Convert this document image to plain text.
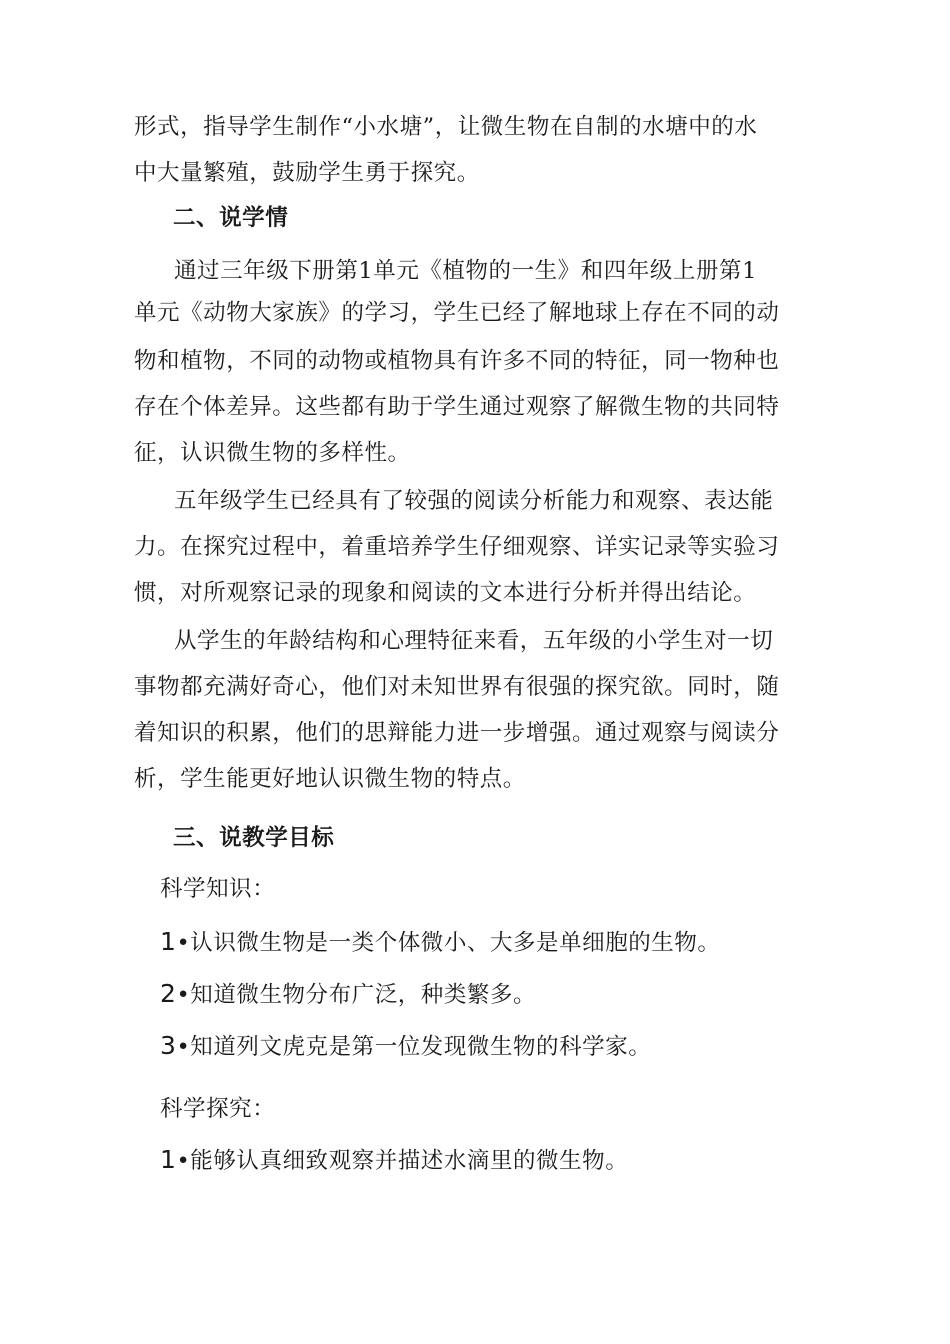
形式，指导学生制作“小水塘”，让微生物在自制的水塘中的水
中大量繁殖，鼓励学生勇于探究。
二、说学情
通过三年级下册第1单元《植物的一生》和四年级上册第1
单元《动物大家族》的学习，学生已经了解地球上存在不同的动
物和植物，不同的动物或植物具有许多不同的特征，同一物种也
存在个体差异。这些都有助于学生通过观察了解微生物的共同特
征，认识微生物的多样性。
五年级学生已经具有了较强的阅读分析能力和观察、表达能
力。在探究过程中，着重培养学生仔细观察、详实记录等实验习
惯，对所观察记录的现象和阅读的文本进行分析并得出结论。
从学生的年龄结构和心理特征来看，五年级的小学生对一切
事物都充满好奇心，他们对未知世界有很强的探究欲。同时，随
着知识的积累，他们的思辩能力进一步增强。通过观察与阅读分
析，学生能更好地认识微生物的特点。
三、说教学目标
科学知识：
1•认识微生物是一类个体微小、大多是单细胞的生物。
2•知道微生物分布广泛，种类繁多。
3•知道列文虎克是第一位发现微生物的科学家。
科学探究：
1•能够认真细致观察并描述水滴里的微生物。
